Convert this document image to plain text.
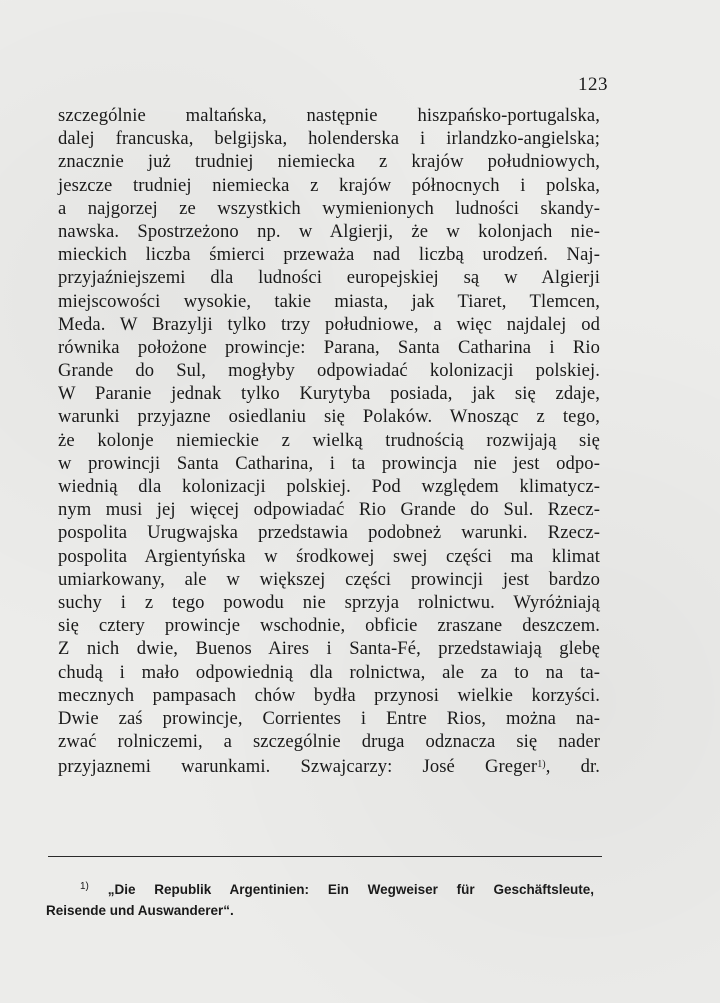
123
szczególnie maltańska, następnie hiszpańsko-portugalska,
dalej francuska, belgijska, holenderska i irlandzko-angielska;
znacznie już trudniej niemiecka z krajów południowych,
jeszcze trudniej niemiecka z krajów północnych i polska,
a najgorzej ze wszystkich wymienionych ludności skandy-
nawska. Spostrzeżono np. w Algierji, że w kolonjach nie-
mieckich liczba śmierci przeważa nad liczbą urodzeń. Naj-
przyjaźniejszemi dla ludności europejskiej są w Algierji
miejscowości wysokie, takie miasta, jak Tiaret, Tlemcen,
Meda. W Brazylji tylko trzy południowe, a więc najdalej od
równika położone prowincje: Parana, Santa Catharina i Rio
Grande do Sul, mogłyby odpowiadać kolonizacji polskiej.
W Paranie jednak tylko Kurytyba posiada, jak się zdaje,
warunki przyjazne osiedlaniu się Polaków. Wnosząc z tego,
że kolonje niemieckie z wielką trudnością rozwijają się
w prowincji Santa Catharina, i ta prowincja nie jest odpo-
wiednią dla kolonizacji polskiej. Pod względem klimatycz-
nym musi jej więcej odpowiadać Rio Grande do Sul. Rzecz-
pospolita Urugwajska przedstawia podobneż warunki. Rzecz-
pospolita Argientyńska w środkowej swej części ma klimat
umiarkowany, ale w większej części prowincji jest bardzo
suchy i z tego powodu nie sprzyja rolnictwu. Wyróżniają
się cztery prowincje wschodnie, obficie zraszane deszczem.
Z nich dwie, Buenos Aires i Santa-Fé, przedstawiają glebę
chudą i mało odpowiednią dla rolnictwa, ale za to na ta-
mecznych pampasach chów bydła przynosi wielkie korzyści.
Dwie zaś prowincje, Corrientes i Entre Rios, można na-
zwać rolniczemi, a szczególnie druga odznacza się nader
przyjaznemi warunkami. Szwajcarzy: José Greger$^{1)}$, dr.
$^{1)}$ „Die Republik Argentinien: Ein Wegweiser für Geschäftsleute,
Reisende und Auswanderer“.
